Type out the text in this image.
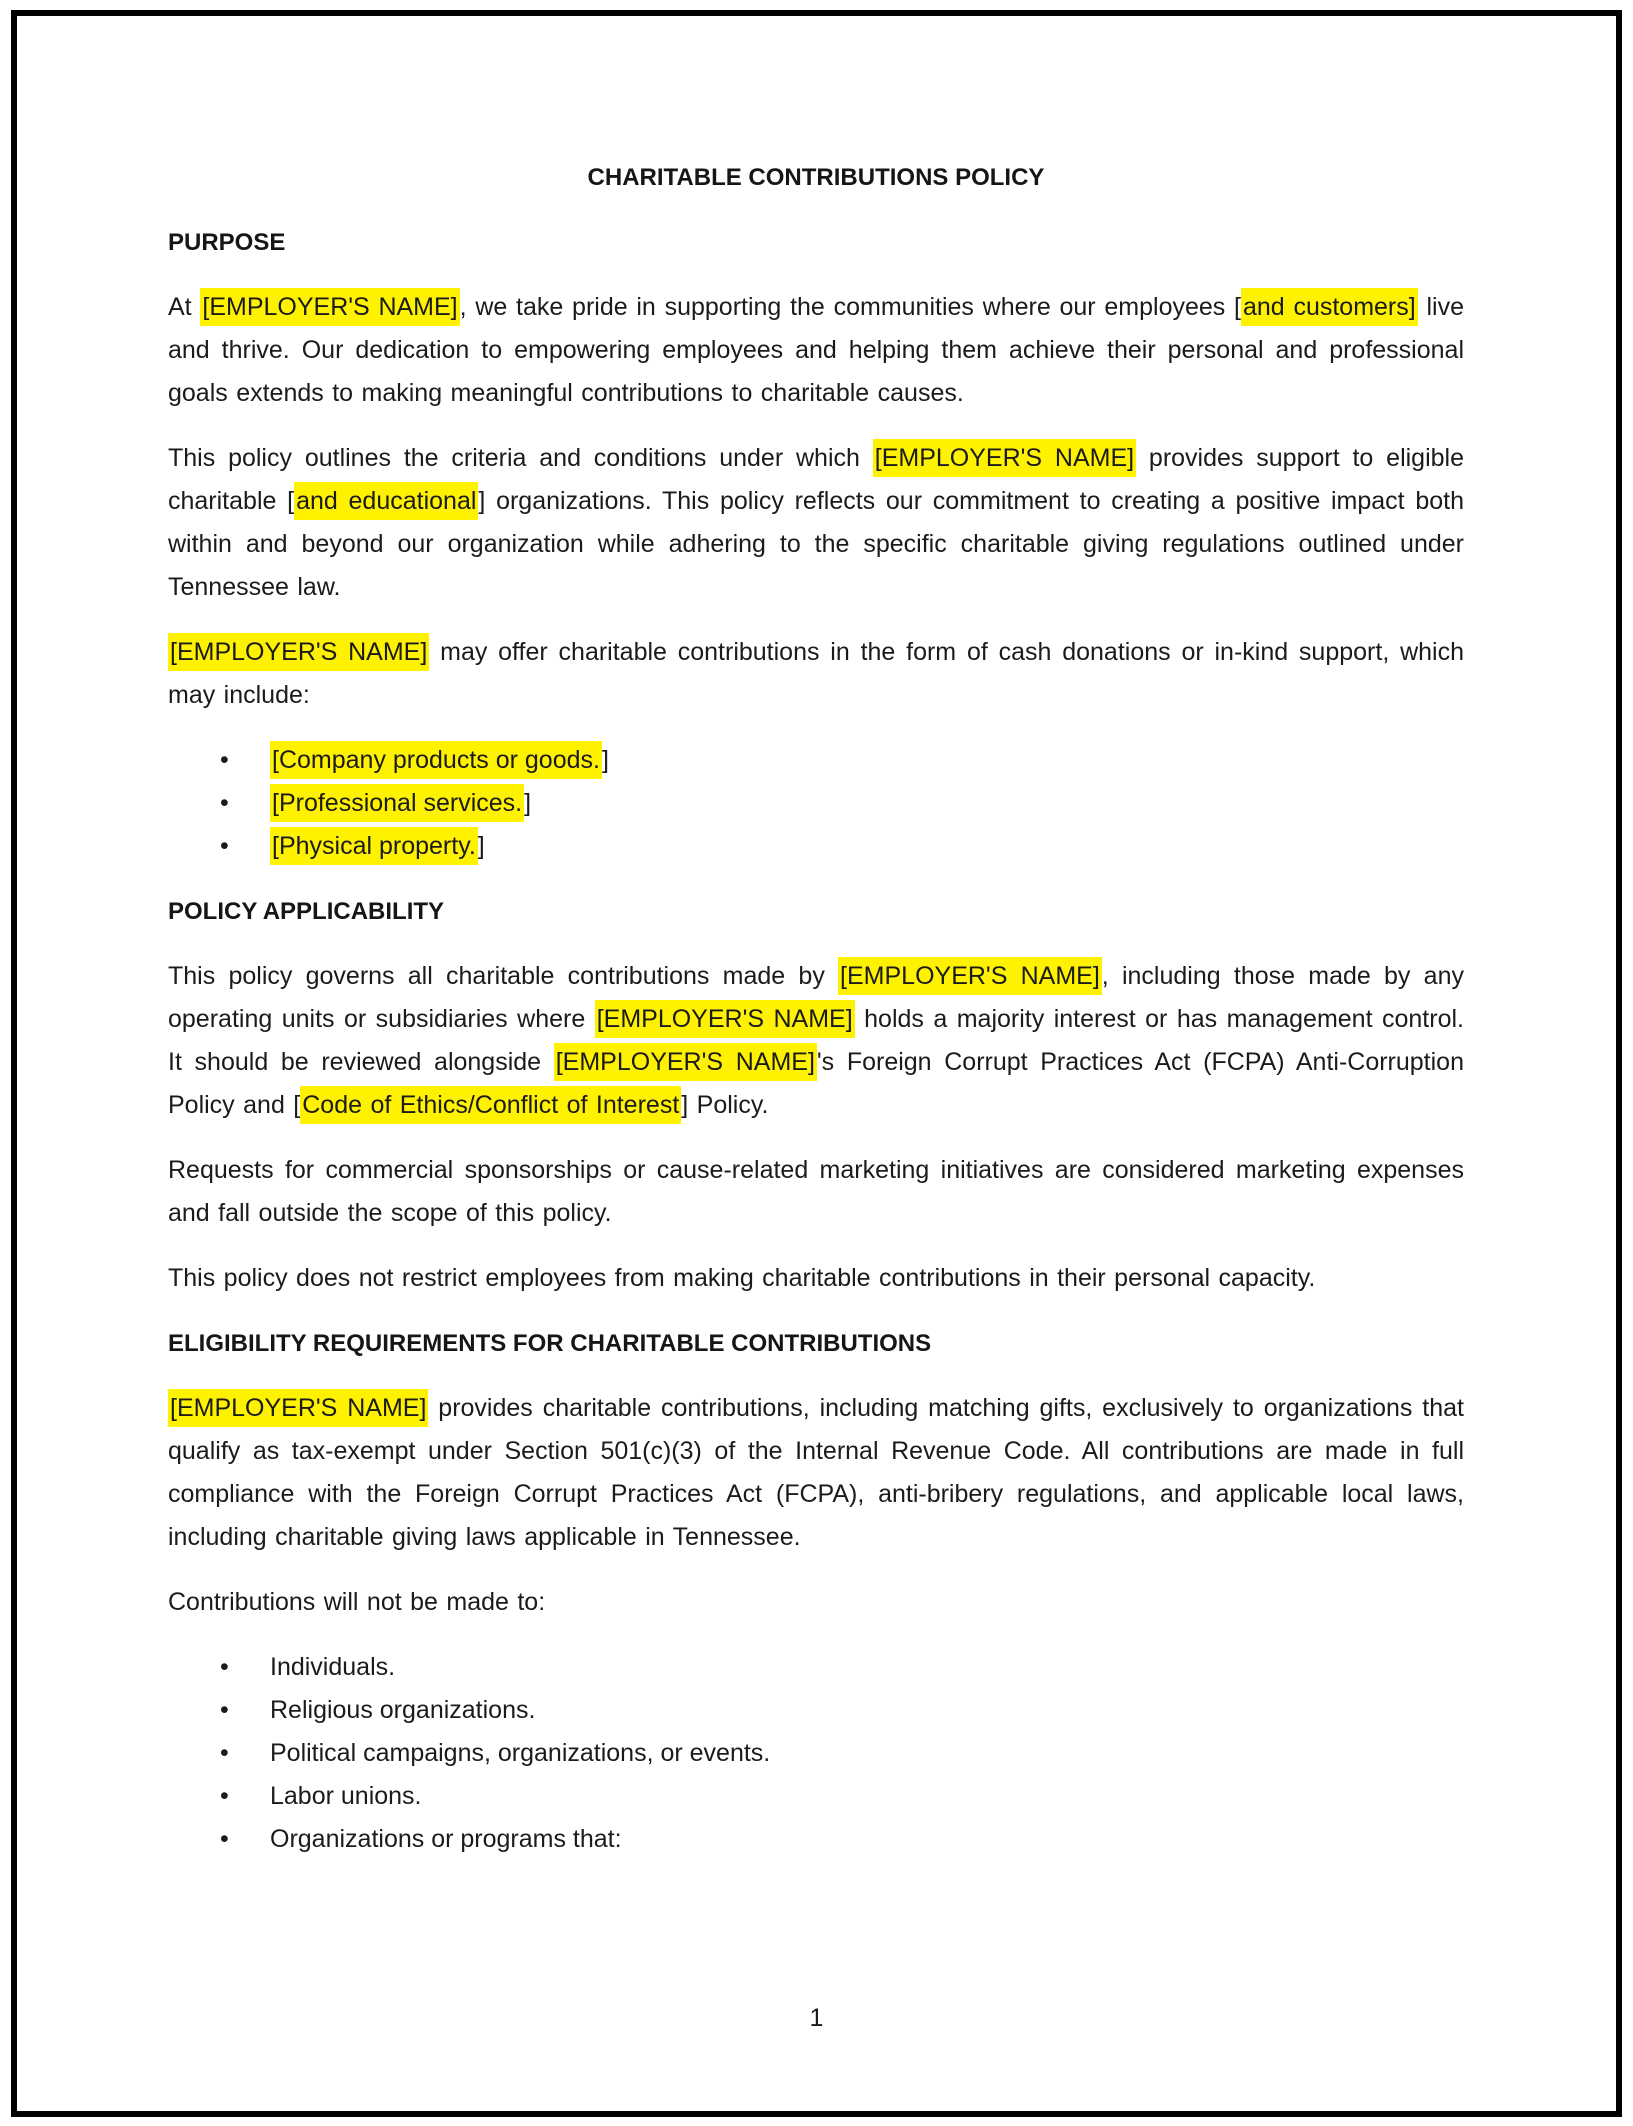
CHARITABLE CONTRIBUTIONS POLICY
PURPOSE

At [EMPLOYER'S NAME], we take pride in supporting the communities where our employees [and customers] live and thrive. Our dedication to empowering employees and helping them achieve their personal and professional goals extends to making meaningful contributions to charitable causes.

This policy outlines the criteria and conditions under which [EMPLOYER'S NAME] provides support to eligible charitable [and educational] organizations. This policy reflects our commitment to creating a positive impact both within and beyond our organization while adhering to the specific charitable giving regulations outlined under Tennessee law.

[EMPLOYER'S NAME] may offer charitable contributions in the form of cash donations or in-kind support, which may include:

• [Company products or goods.]
• [Professional services.]
• [Physical property.]
POLICY APPLICABILITY

This policy governs all charitable contributions made by [EMPLOYER'S NAME], including those made by any operating units or subsidiaries where [EMPLOYER'S NAME] holds a majority interest or has management control. It should be reviewed alongside [EMPLOYER'S NAME]'s Foreign Corrupt Practices Act (FCPA) Anti-Corruption Policy and [Code of Ethics/Conflict of Interest] Policy.

Requests for commercial sponsorships or cause-related marketing initiatives are considered marketing expenses and fall outside the scope of this policy.

This policy does not restrict employees from making charitable contributions in their personal capacity.

ELIGIBILITY REQUIREMENTS FOR CHARITABLE CONTRIBUTIONS

[EMPLOYER'S NAME] provides charitable contributions, including matching gifts, exclusively to organizations that qualify as tax-exempt under Section 501(c)(3) of the Internal Revenue Code. All contributions are made in full compliance with the Foreign Corrupt Practices Act (FCPA), anti-bribery regulations, and applicable local laws, including charitable giving laws applicable in Tennessee.

Contributions will not be made to:

• Individuals.
• Religious organizations.
• Political campaigns, organizations, or events.
• Labor unions.
• Organizations or programs that:
1
